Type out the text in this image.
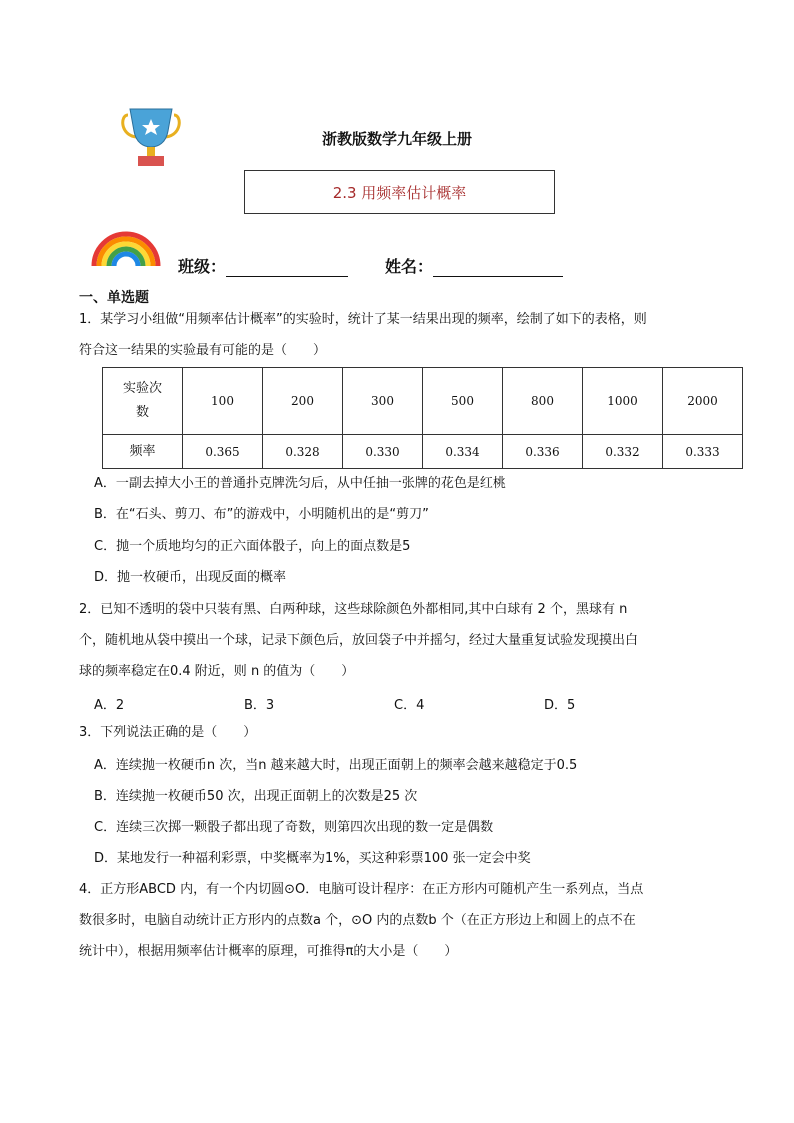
浙教版数学九年级上册
2.3 用频率估计概率
班级：	姓名：
一、单选题
1．某学习小组做“用频率估计概率”的实验时，统计了某一结果出现的频率，绘制了如下的表格，则
符合这一结果的实验最有可能的是（　　）
实验次
数	100	200	300	500	800	1000	2000
频率	0.365	0.328	0.330	0.334	0.336	0.332	0.333
A．一副去掉大小王的普通扑克牌洗匀后，从中任抽一张牌的花色是红桃
B．在“石头、剪刀、布”的游戏中，小明随机出的是“剪刀”
C．抛一个质地均匀的正六面体骰子，向上的面点数是5
D．抛一枚硬币，出现反面的概率
2．已知不透明的袋中只装有黑、白两种球，这些球除颜色外都相同,其中白球有 2 个，黑球有 n
个，随机地从袋中摸出一个球，记录下颜色后，放回袋子中并摇匀，经过大量重复试验发现摸出白
球的频率稳定在0.4 附近，则 n 的值为（　　）
A．2	B．3	C．4	D．5
3．下列说法正确的是（　　）
A．连续抛一枚硬币n 次，当n 越来越大时，出现正面朝上的频率会越来越稳定于0.5
B．连续抛一枚硬币50 次，出现正面朝上的次数是25 次
C．连续三次掷一颗骰子都出现了奇数，则第四次出现的数一定是偶数
D．某地发行一种福利彩票，中奖概率为1%，买这种彩票100 张一定会中奖
4．正方形ABCD 内，有一个内切圆⊙O．电脑可设计程序：在正方形内可随机产生一系列点，当点
数很多时，电脑自动统计正方形内的点数a 个，⊙O 内的点数b 个（在正方形边上和圆上的点不在
统计中），根据用频率估计概率的原理，可推得π的大小是（　　）
